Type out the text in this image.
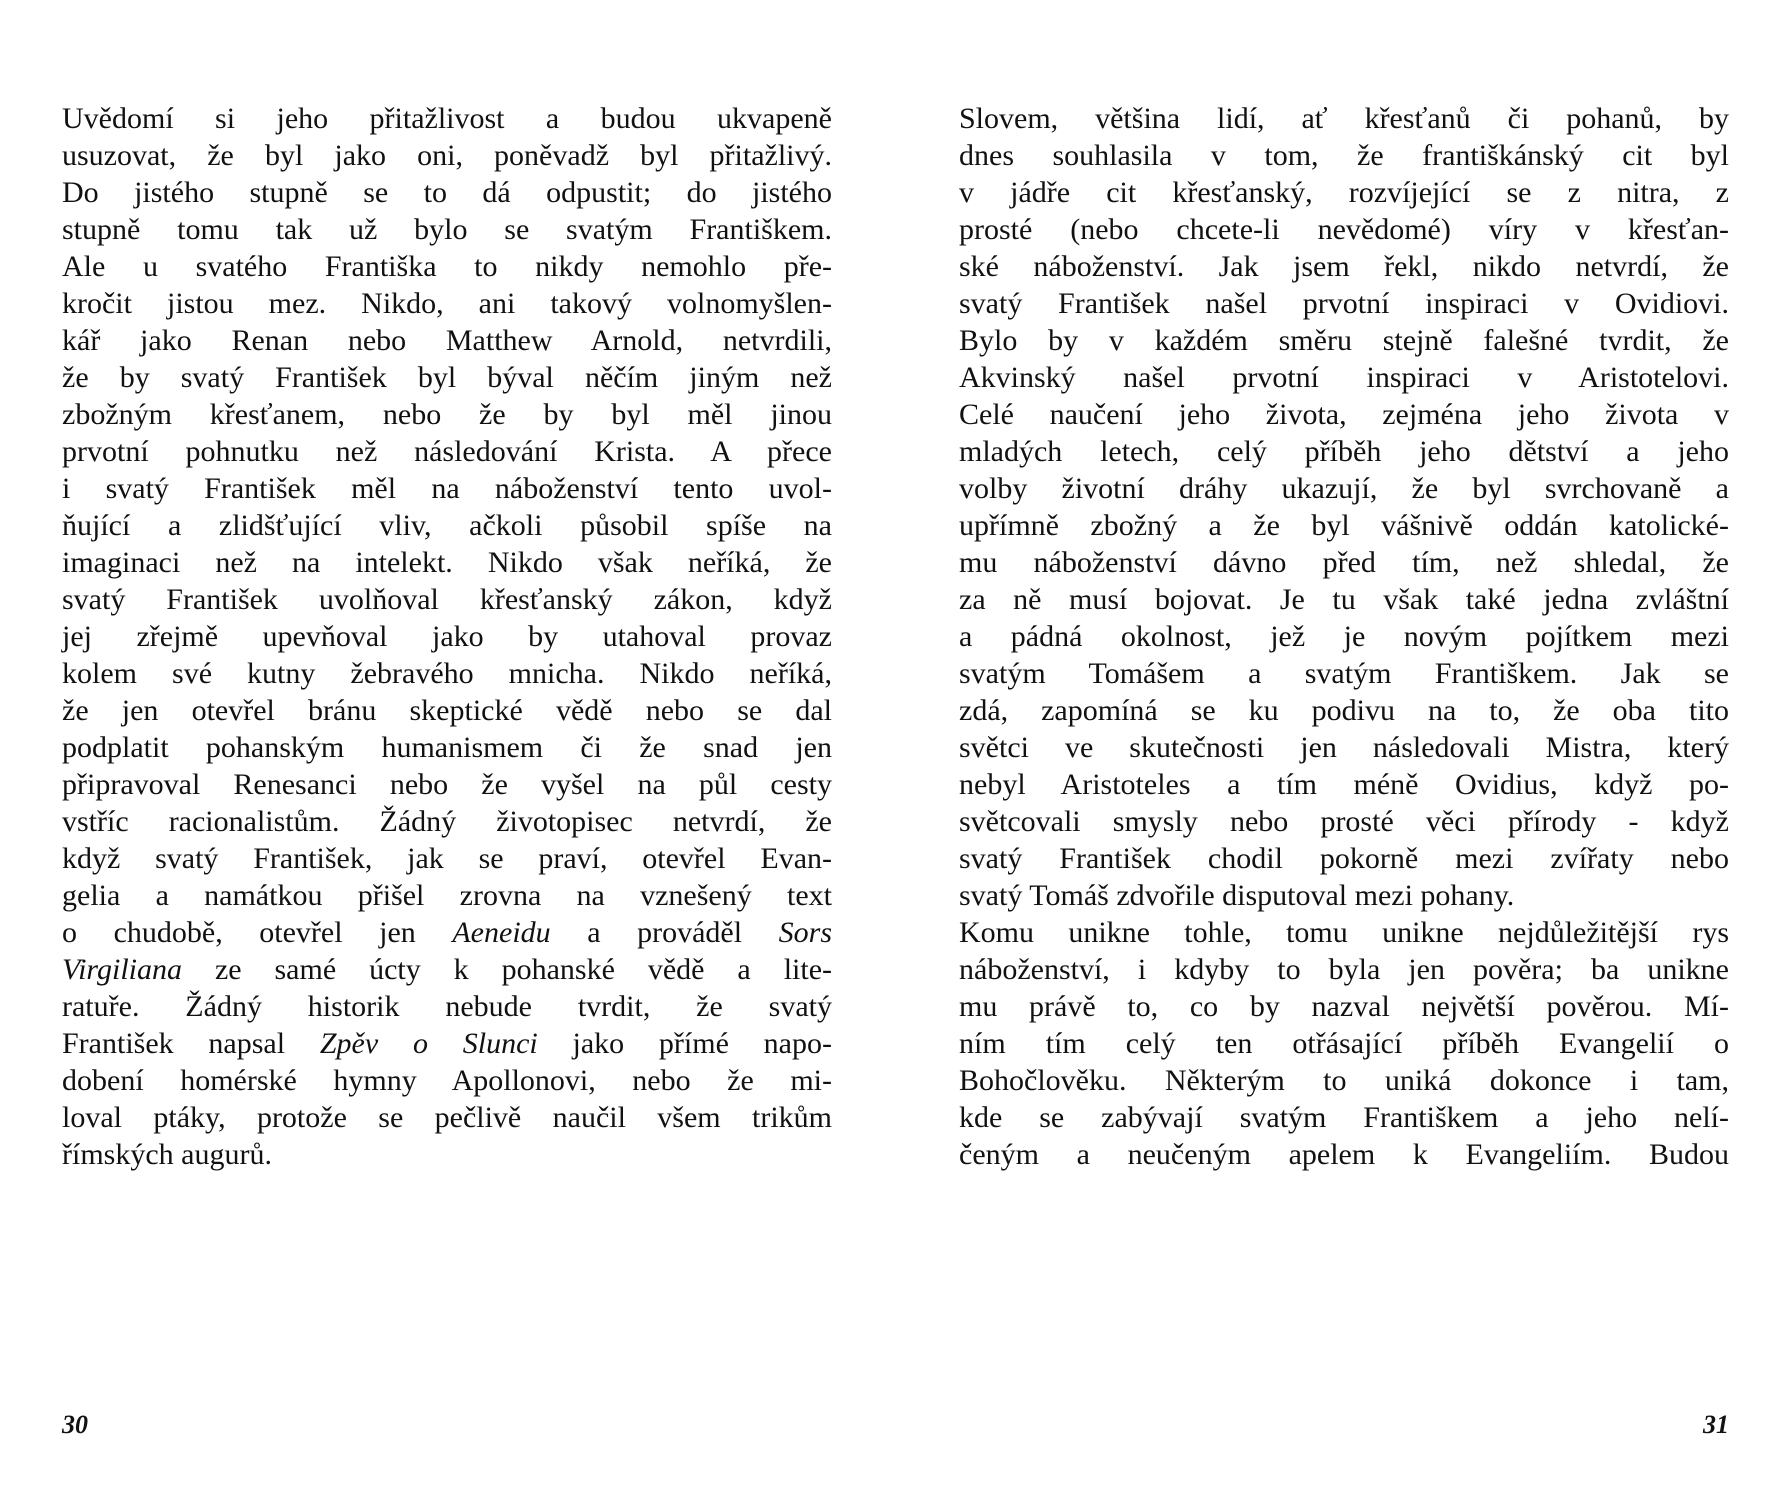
Uvědomí si jeho přitažlivost a budou ukvapeně
usuzovat, že byl jako oni, poněvadž byl přitažlivý.
Do jistého stupně se to dá odpustit; do jistého
stupně tomu tak už bylo se svatým Františkem.
Ale u svatého Františka to nikdy nemohlo pře-
kročit jistou mez. Nikdo, ani takový volnomyšlen-
kář jako Renan nebo Matthew Arnold, netvrdili,
že by svatý František byl býval něčím jiným než
zbožným křesťanem, nebo že by byl měl jinou
prvotní pohnutku než následování Krista. A přece
i svatý František měl na náboženství tento uvol-
ňující a zlidšťující vliv, ačkoli působil spíše na
imaginaci než na intelekt. Nikdo však neříká, že
svatý František uvolňoval křesťanský zákon, když
jej zřejmě upevňoval jako by utahoval provaz
kolem své kutny žebravého mnicha. Nikdo neříká,
že jen otevřel bránu skeptické vědě nebo se dal
podplatit pohanským humanismem či že snad jen
připravoval Renesanci nebo že vyšel na půl cesty
vstříc racionalistům. Žádný životopisec netvrdí, že
když svatý František, jak se praví, otevřel Evan-
gelia a namátkou přišel zrovna na vznešený text
o chudobě, otevřel jen Aeneidu a prováděl Sors
Virgiliana ze samé úcty k pohanské vědě a lite-
ratuře. Žádný historik nebude tvrdit, že svatý
František napsal Zpěv o Slunci jako přímé napo-
dobení homérské hymny Apollonovi, nebo že mi-
loval ptáky, protože se pečlivě naučil všem trikům
římských augurů.
30
Slovem, většina lidí, ať křesťanů či pohanů, by
dnes souhlasila v tom, že františkánský cit byl
v jádře cit křesťanský, rozvíjející se z nitra, z
prosté (nebo chcete-li nevědomé) víry v křesťan-
ské náboženství. Jak jsem řekl, nikdo netvrdí, že
svatý František našel prvotní inspiraci v Ovidiovi.
Bylo by v každém směru stejně falešné tvrdit, že
Akvinský našel prvotní inspiraci v Aristotelovi.
Celé naučení jeho života, zejména jeho života v
mladých letech, celý příběh jeho dětství a jeho
volby životní dráhy ukazují, že byl svrchovaně a
upřímně zbožný a že byl vášnivě oddán katolické-
mu náboženství dávno před tím, než shledal, že
za ně musí bojovat. Je tu však také jedna zvláštní
a pádná okolnost, jež je novým pojítkem mezi
svatým Tomášem a svatým Františkem. Jak se
zdá, zapomíná se ku podivu na to, že oba tito
světci ve skutečnosti jen následovali Mistra, který
nebyl Aristoteles a tím méně Ovidius, když po-
světcovali smysly nebo prosté věci přírody - když
svatý František chodil pokorně mezi zvířaty nebo
svatý Tomáš zdvořile disputoval mezi pohany.
Komu unikne tohle, tomu unikne nejdůležitější rys
náboženství, i kdyby to byla jen pověra; ba unikne
mu právě to, co by nazval největší pověrou. Mí-
ním tím celý ten otřásající příběh Evangelií o
Bohočlověku. Některým to uniká dokonce i tam,
kde se zabývají svatým Františkem a jeho nelí-
čeným a neučeným apelem k Evangeliím. Budou
31
